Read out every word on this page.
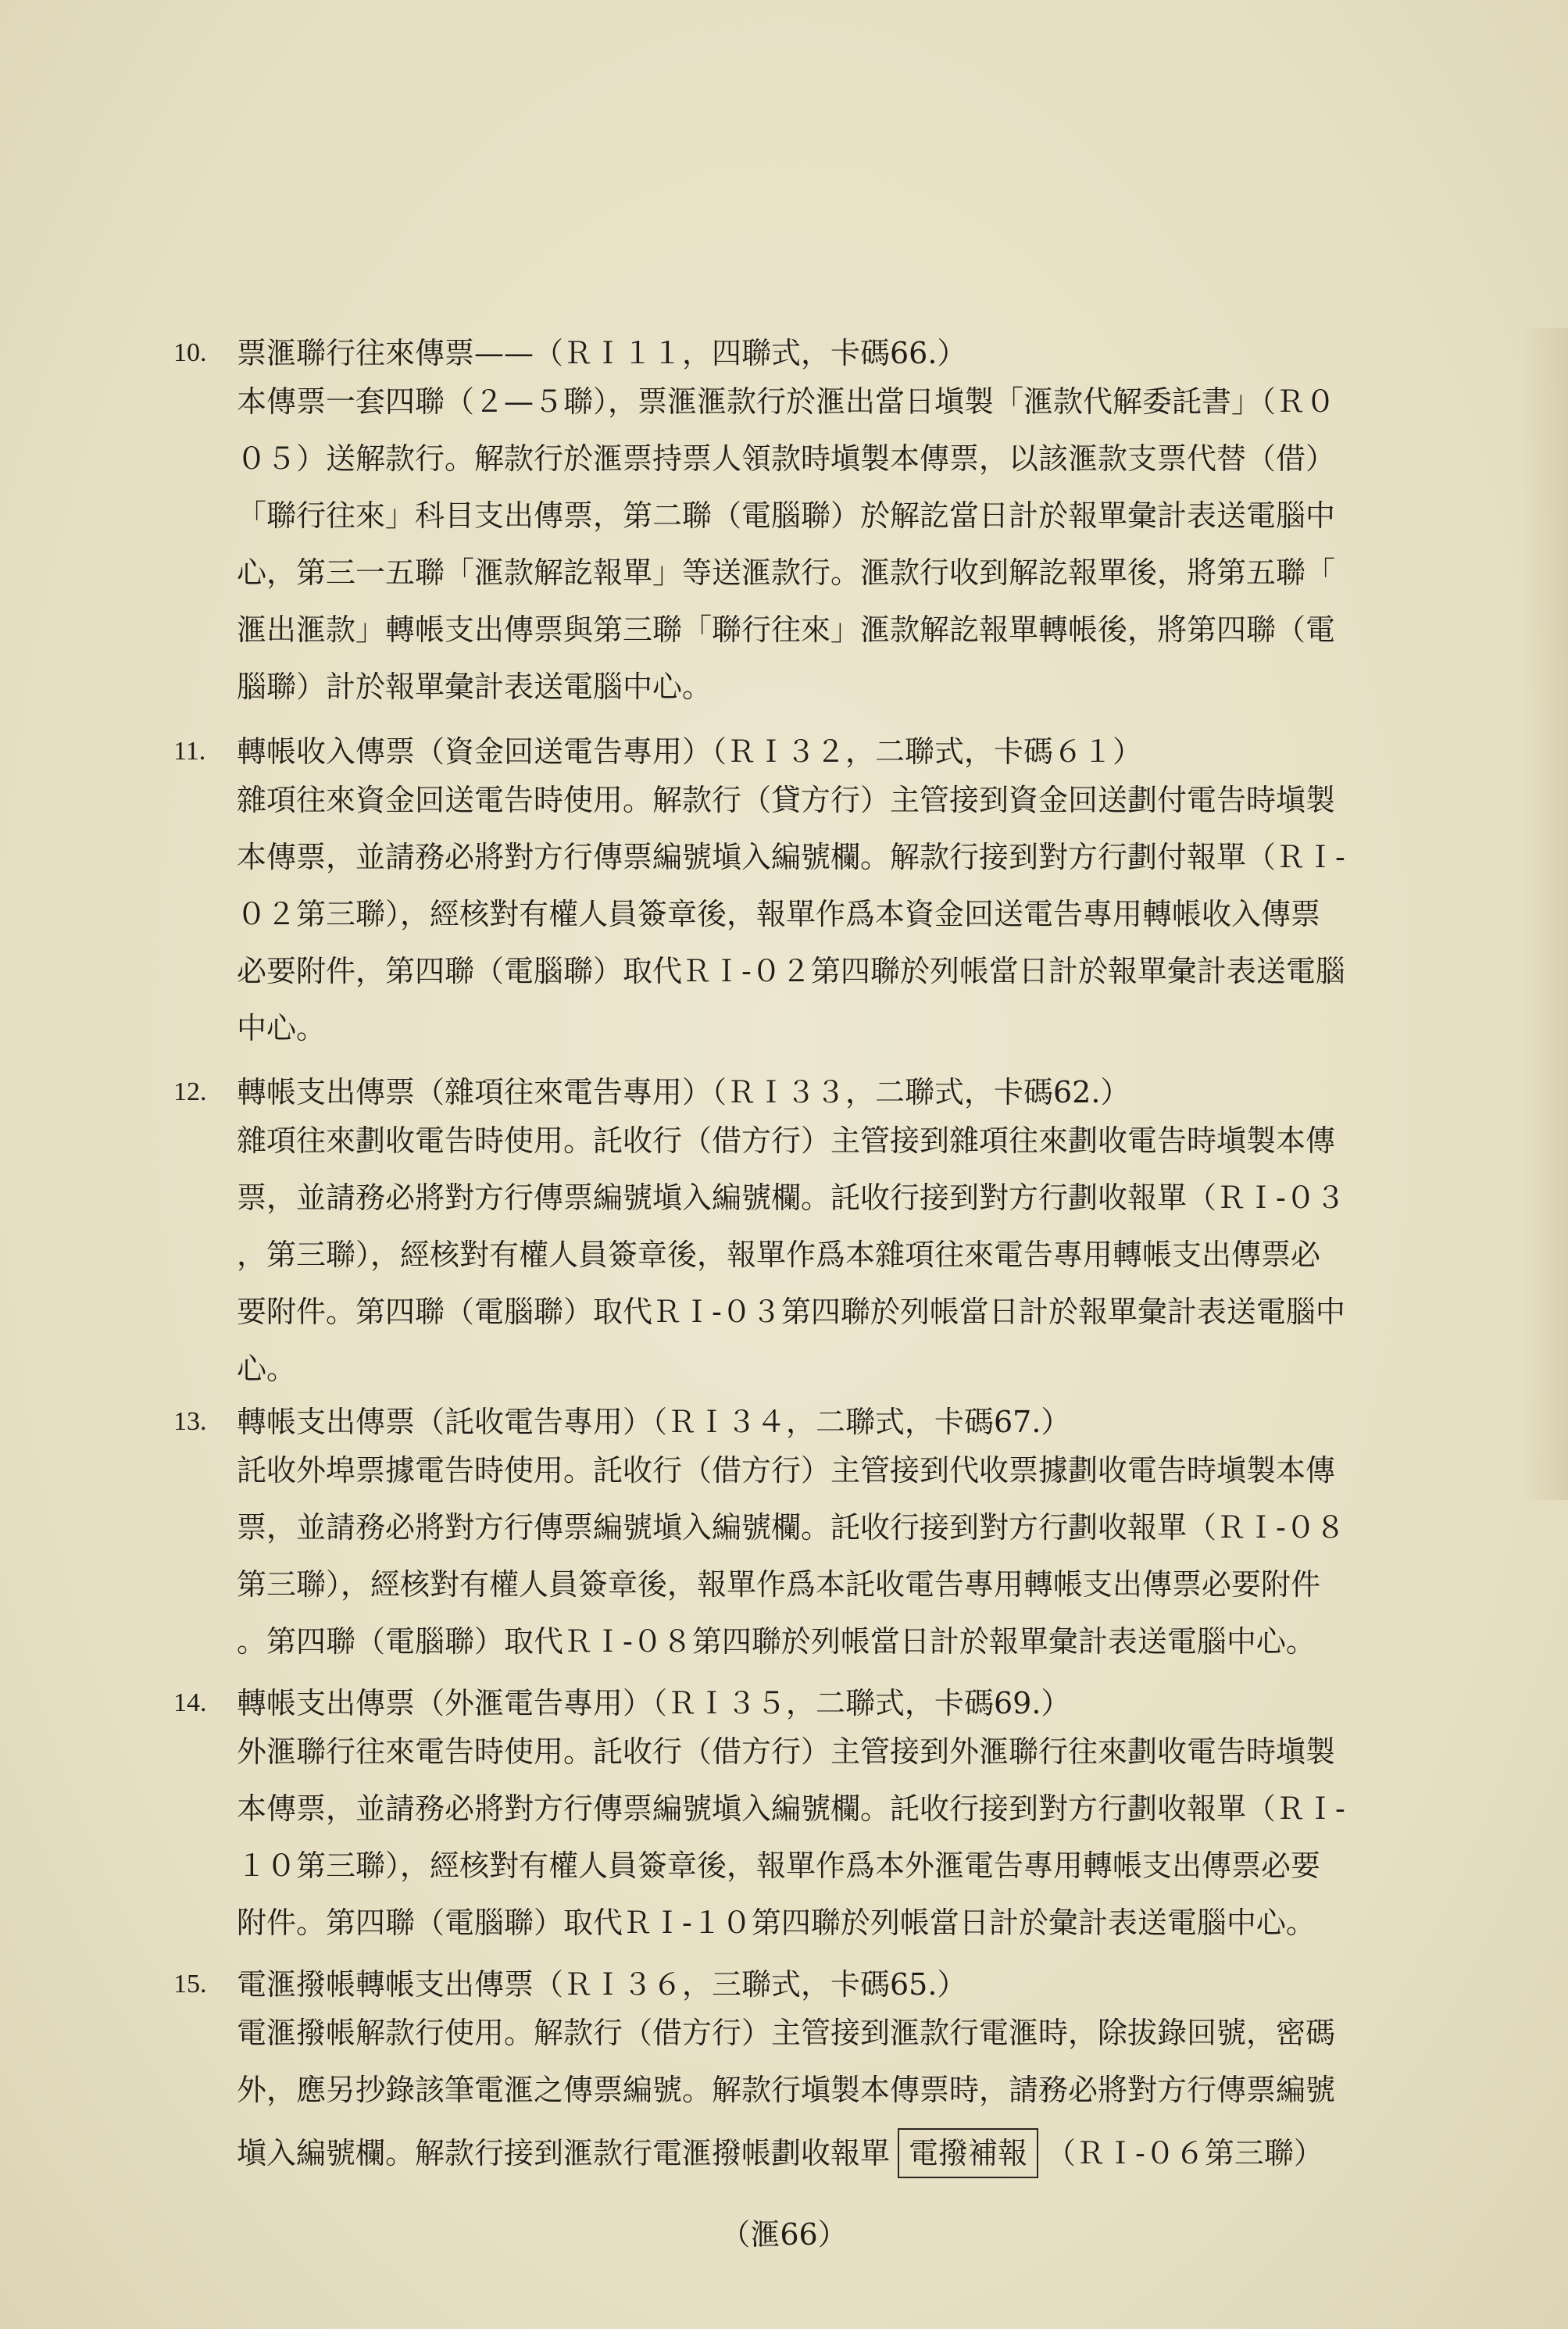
10. 票滙聯行往來傳票——（ＲＩ１１，四聯式，卡碼66.）
本傳票一套四聯（２—５聯），票滙滙款行於滙出當日塡製「滙款代解委託書」（Ｒ０
０５）送解款行。解款行於滙票持票人領款時塡製本傳票，以該滙款支票代替（借）
「聯行往來」科目支出傳票，第二聯（電腦聯）於解訖當日計於報單彙計表送電腦中
心，第三一五聯「滙款解訖報單」等送滙款行。滙款行收到解訖報單後，將第五聯「
滙出滙款」轉帳支出傳票與第三聯「聯行往來」滙款解訖報單轉帳後，將第四聯（電
腦聯）計於報單彙計表送電腦中心。
11. 轉帳收入傳票（資金回送電告專用）（ＲＩ３２，二聯式，卡碼６１）
雜項往來資金回送電告時使用。解款行（貸方行）主管接到資金回送劃付電告時塡製
本傳票，並請務必將對方行傳票編號塡入編號欄。解款行接到對方行劃付報單（ＲＩ-
０２第三聯），經核對有權人員簽章後，報單作爲本資金回送電告專用轉帳收入傳票
必要附件，第四聯（電腦聯）取代ＲＩ-０２第四聯於列帳當日計於報單彙計表送電腦
中心。
12. 轉帳支出傳票（雜項往來電告專用）（ＲＩ３３，二聯式，卡碼62.）
雜項往來劃收電告時使用。託收行（借方行）主管接到雜項往來劃收電告時塡製本傳
票，並請務必將對方行傳票編號塡入編號欄。託收行接到對方行劃收報單（ＲＩ-０３
，第三聯），經核對有權人員簽章後，報單作爲本雜項往來電告專用轉帳支出傳票必
要附件。第四聯（電腦聯）取代ＲＩ-０３第四聯於列帳當日計於報單彙計表送電腦中
心。
13. 轉帳支出傳票（託收電告專用）（ＲＩ３４，二聯式，卡碼67.）
託收外埠票據電告時使用。託收行（借方行）主管接到代收票據劃收電告時塡製本傳
票，並請務必將對方行傳票編號塡入編號欄。託收行接到對方行劃收報單（ＲＩ-０８
第三聯），經核對有權人員簽章後，報單作爲本託收電告專用轉帳支出傳票必要附件
。第四聯（電腦聯）取代ＲＩ-０８第四聯於列帳當日計於報單彙計表送電腦中心。
14. 轉帳支出傳票（外滙電告專用）（ＲＩ３５，二聯式，卡碼69.）
外滙聯行往來電告時使用。託收行（借方行）主管接到外滙聯行往來劃收電告時塡製
本傳票，並請務必將對方行傳票編號塡入編號欄。託收行接到對方行劃收報單（ＲＩ-
１０第三聯），經核對有權人員簽章後，報單作爲本外滙電告專用轉帳支出傳票必要
附件。第四聯（電腦聯）取代ＲＩ-１０第四聯於列帳當日計於彙計表送電腦中心。
15. 電滙撥帳轉帳支出傳票（ＲＩ３６，三聯式，卡碼65.）
電滙撥帳解款行使用。解款行（借方行）主管接到滙款行電滙時，除拔錄回號，密碼
外，應另抄錄該筆電滙之傳票編號。解款行塡製本傳票時，請務必將對方行傳票編號
塡入編號欄。解款行接到滙款行電滙撥帳劃收報單 電撥補報 （ＲＩ-０６第三聯）
（滙66）
